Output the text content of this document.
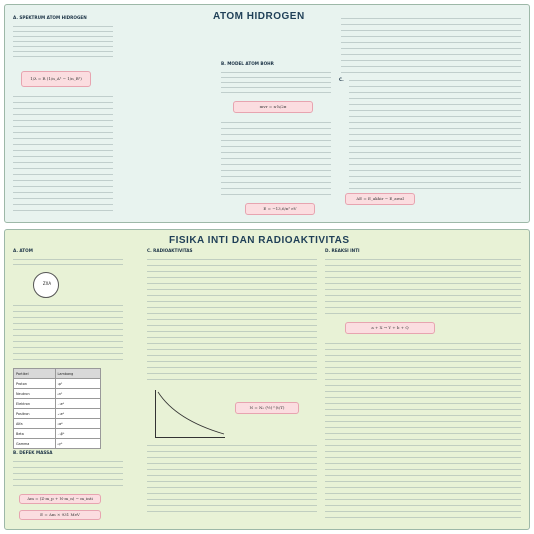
ATOM HIDROGEN
A. SPEKTRUM ATOM HIDROGEN
1/λ = R (1/n_A² − 1/n_B²)
B. MODEL ATOM BOHR
mvr = n·h/2π
E = −13,6/n² eV
C.
ΔE = E_akhir − E_awal
FISIKA INTI DAN RADIOAKTIVITAS
A. ATOM
ZXA
Partikel	Lambang
Proton	₁p¹
Neutron	₀n¹
Elektron	₋₁e⁰
Positron	₊₁e⁰
Alfa	₂α⁴
Beta	₋₁β⁰
Gamma	₀γ⁰
B. DEFEK MASSA
Δm = (Z·m_p + N·m_n) − m_inti
E = Δm × 931 MeV
C. RADIOAKTIVITAS
N = N₀ (½)^(t/T)
D. REAKSI INTI
a + X → Y + b + Q
